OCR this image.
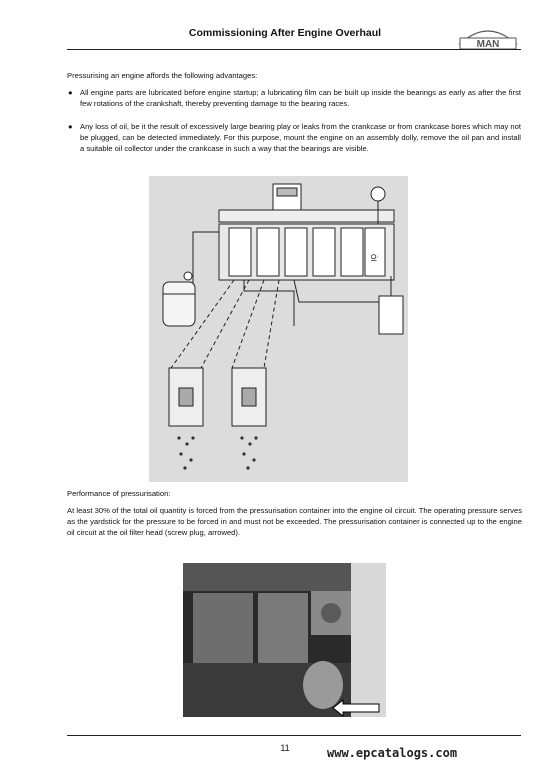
Commissioning After Engine Overhaul
MAN
Pressurising an engine affords the following advantages:
● All engine parts are lubricated before engine startup; a lubricating film can be built up inside the bearings as early as after the first few rotations of the crankshaft, thereby preventing damage to the bearing races.
● Any loss of oil, be it the result of excessively large bearing play or leaks from the crankcase or from crankcase bores which may not be plugged, can be detected immediately. For this purpose, mount the engine on an assembly dolly, remove the oil pan and install a suitable oil collector under the crankcase in such a way that the bearings are visible.
Öl
Performance of pressurisation:
At least 30% of the total oil quantity is forced from the pressurisation container into the engine oil circuit. The operating pressure serves as the yardstick for the pressure to be forced in and must not be exceeded. The pressurisation container is connected up to the engine oil circuit at the oil filter head (screw plug, arrowed).
11	www.epcatalogs.com
